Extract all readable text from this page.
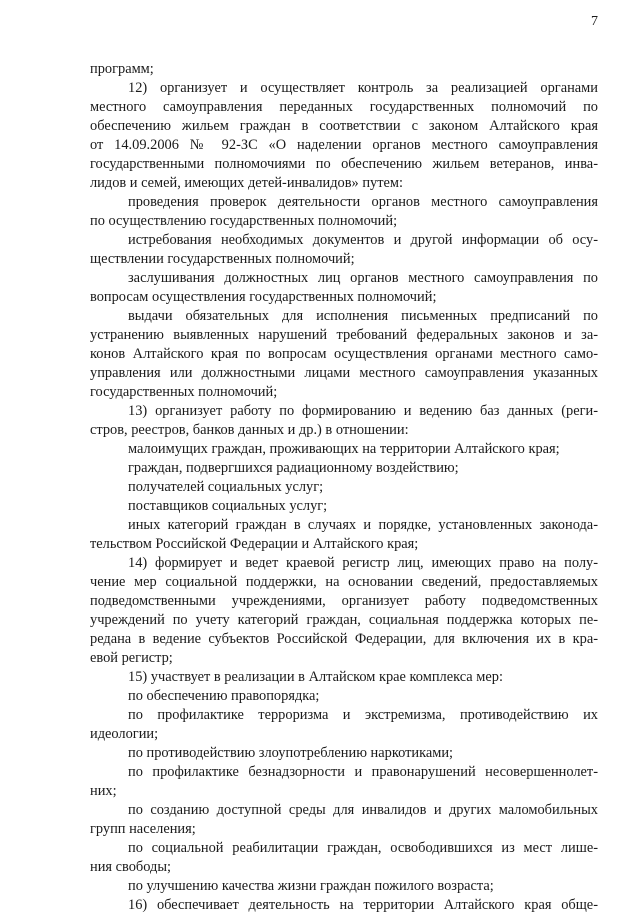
7
программ;
12) организует и осуществляет контроль за реализацией органами
местного самоуправления переданных государственных полномочий по
обеспечению жильем граждан в соответствии с законом Алтайского края
от 14.09.2006 № 92-ЗС «О наделении органов местного самоуправления
государственными полномочиями по обеспечению жильем ветеранов, инва-
лидов и семей, имеющих детей-инвалидов» путем:
проведения проверок деятельности органов местного самоуправления
по осуществлению государственных полномочий;
истребования необходимых документов и другой информации об осу-
ществлении государственных полномочий;
заслушивания должностных лиц органов местного самоуправления по
вопросам осуществления государственных полномочий;
выдачи обязательных для исполнения письменных предписаний по
устранению выявленных нарушений требований федеральных законов и за-
конов Алтайского края по вопросам осуществления органами местного само-
управления или должностными лицами местного самоуправления указанных
государственных полномочий;
13) организует работу по формированию и ведению баз данных (реги-
стров, реестров, банков данных и др.) в отношении:
малоимущих граждан, проживающих на территории Алтайского края;
граждан, подвергшихся радиационному воздействию;
получателей социальных услуг;
поставщиков социальных услуг;
иных категорий граждан в случаях и порядке, установленных законода-
тельством Российской Федерации и Алтайского края;
14) формирует и ведет краевой регистр лиц, имеющих право на полу-
чение мер социальной поддержки, на основании сведений, предоставляемых
подведомственными учреждениями, организует работу подведомственных
учреждений по учету категорий граждан, социальная поддержка которых пе-
редана в ведение субъектов Российской Федерации, для включения их в кра-
евой регистр;
15) участвует в реализации в Алтайском крае комплекса мер:
по обеспечению правопорядка;
по профилактике терроризма и экстремизма, противодействию их
идеологии;
по противодействию злоупотреблению наркотиками;
по профилактике безнадзорности и правонарушений несовершеннолет-
них;
по созданию доступной среды для инвалидов и других маломобильных
групп населения;
по социальной реабилитации граждан, освободившихся из мест лише-
ния свободы;
по улучшению качества жизни граждан пожилого возраста;
16) обеспечивает деятельность на территории Алтайского края обще-
